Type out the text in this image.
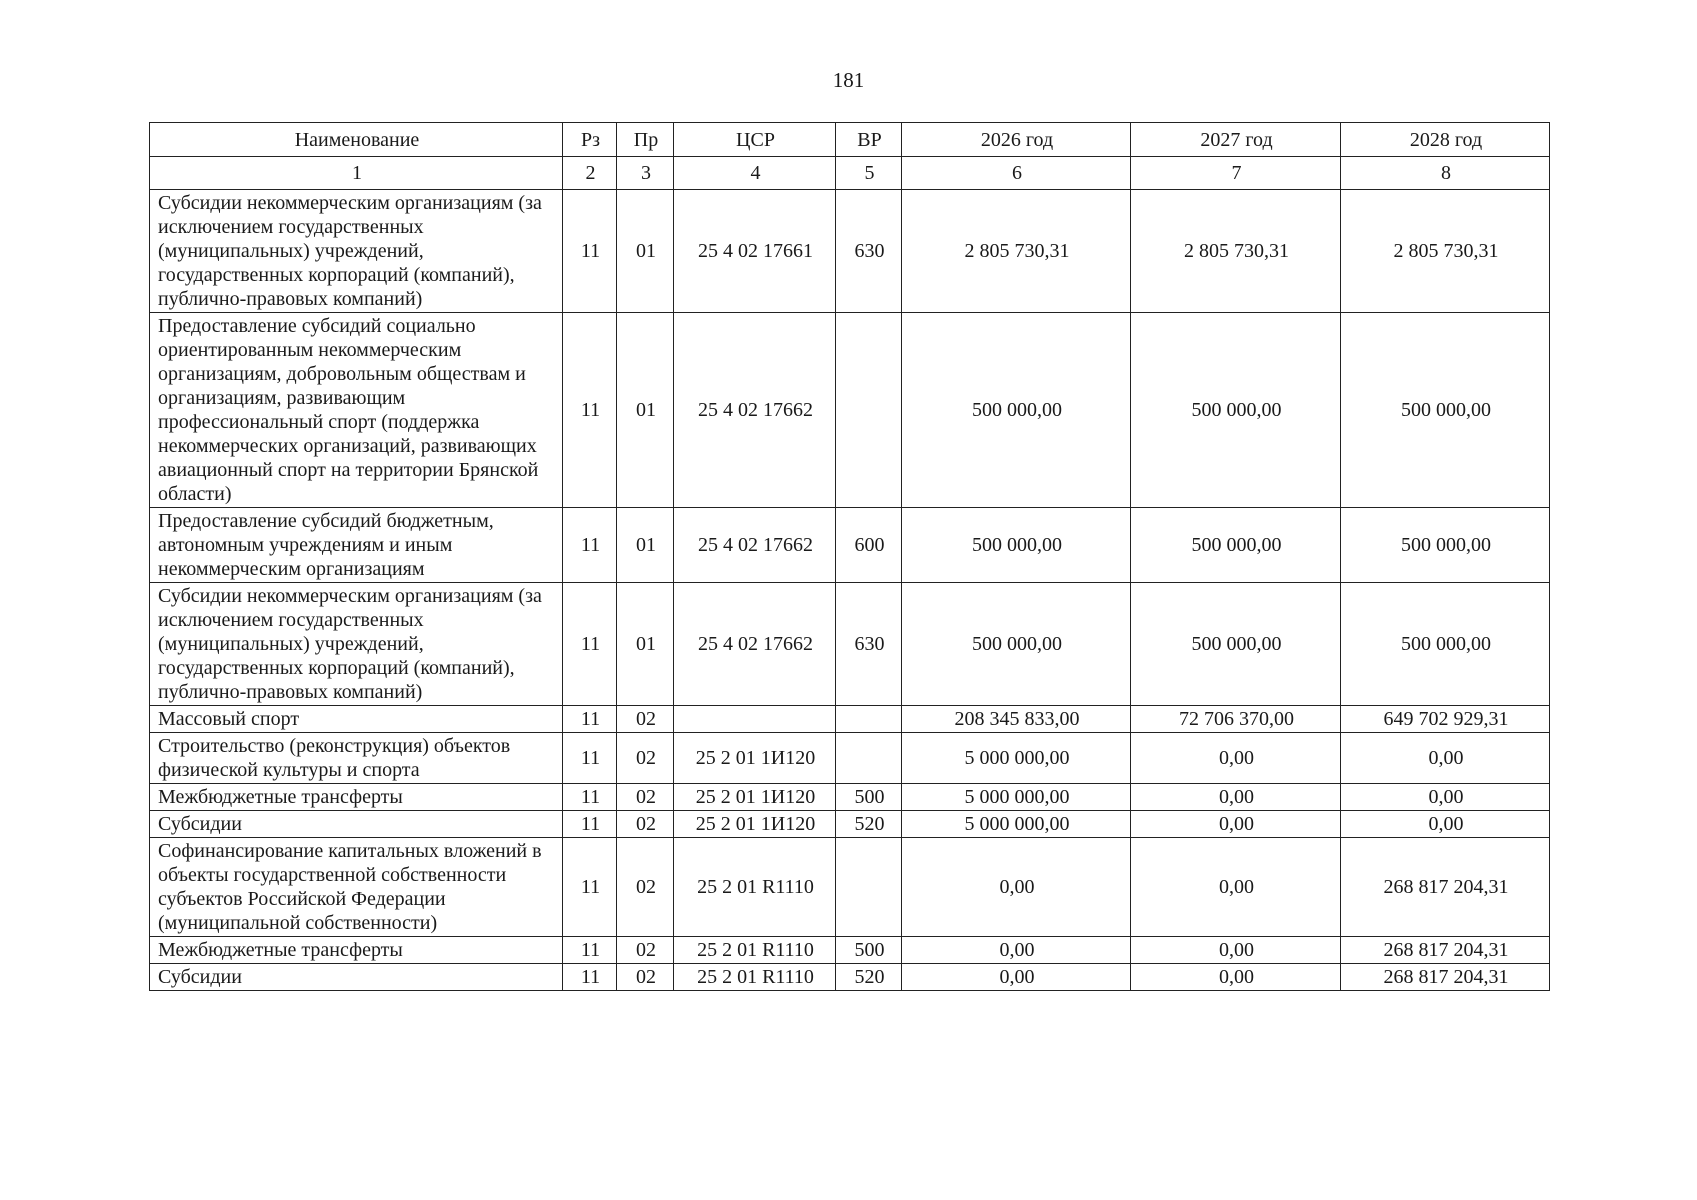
181
Наименование	Рз	Пр	ЦСР	ВР	2026 год	2027 год	2028 год
1	2	3	4	5	6	7	8
Субсидии некоммерческим организациям (за исключением государственных (муниципальных) учреждений, государственных корпораций (компаний), публично-правовых компаний)	11	01	25 4 02 17661	630	2 805 730,31	2 805 730,31	2 805 730,31
Предоставление субсидий социально ориентированным некоммерческим организациям, добровольным обществам и организациям, развивающим профессиональный спорт (поддержка некоммерческих организаций, развивающих авиационный спорт на территории Брянской области)	11	01	25 4 02 17662		500 000,00	500 000,00	500 000,00
Предоставление субсидий бюджетным, автономным учреждениям и иным некоммерческим организациям	11	01	25 4 02 17662	600	500 000,00	500 000,00	500 000,00
Субсидии некоммерческим организациям (за исключением государственных (муниципальных) учреждений, государственных корпораций (компаний), публично-правовых компаний)	11	01	25 4 02 17662	630	500 000,00	500 000,00	500 000,00
Массовый спорт	11	02			208 345 833,00	72 706 370,00	649 702 929,31
Строительство (реконструкция) объектов физической культуры и спорта	11	02	25 2 01 1И120		5 000 000,00	0,00	0,00
Межбюджетные трансферты	11	02	25 2 01 1И120	500	5 000 000,00	0,00	0,00
Субсидии	11	02	25 2 01 1И120	520	5 000 000,00	0,00	0,00
Софинансирование капитальных вложений в объекты государственной собственности субъектов Российской Федерации (муниципальной собственности)	11	02	25 2 01 R1110		0,00	0,00	268 817 204,31
Межбюджетные трансферты	11	02	25 2 01 R1110	500	0,00	0,00	268 817 204,31
Субсидии	11	02	25 2 01 R1110	520	0,00	0,00	268 817 204,31
